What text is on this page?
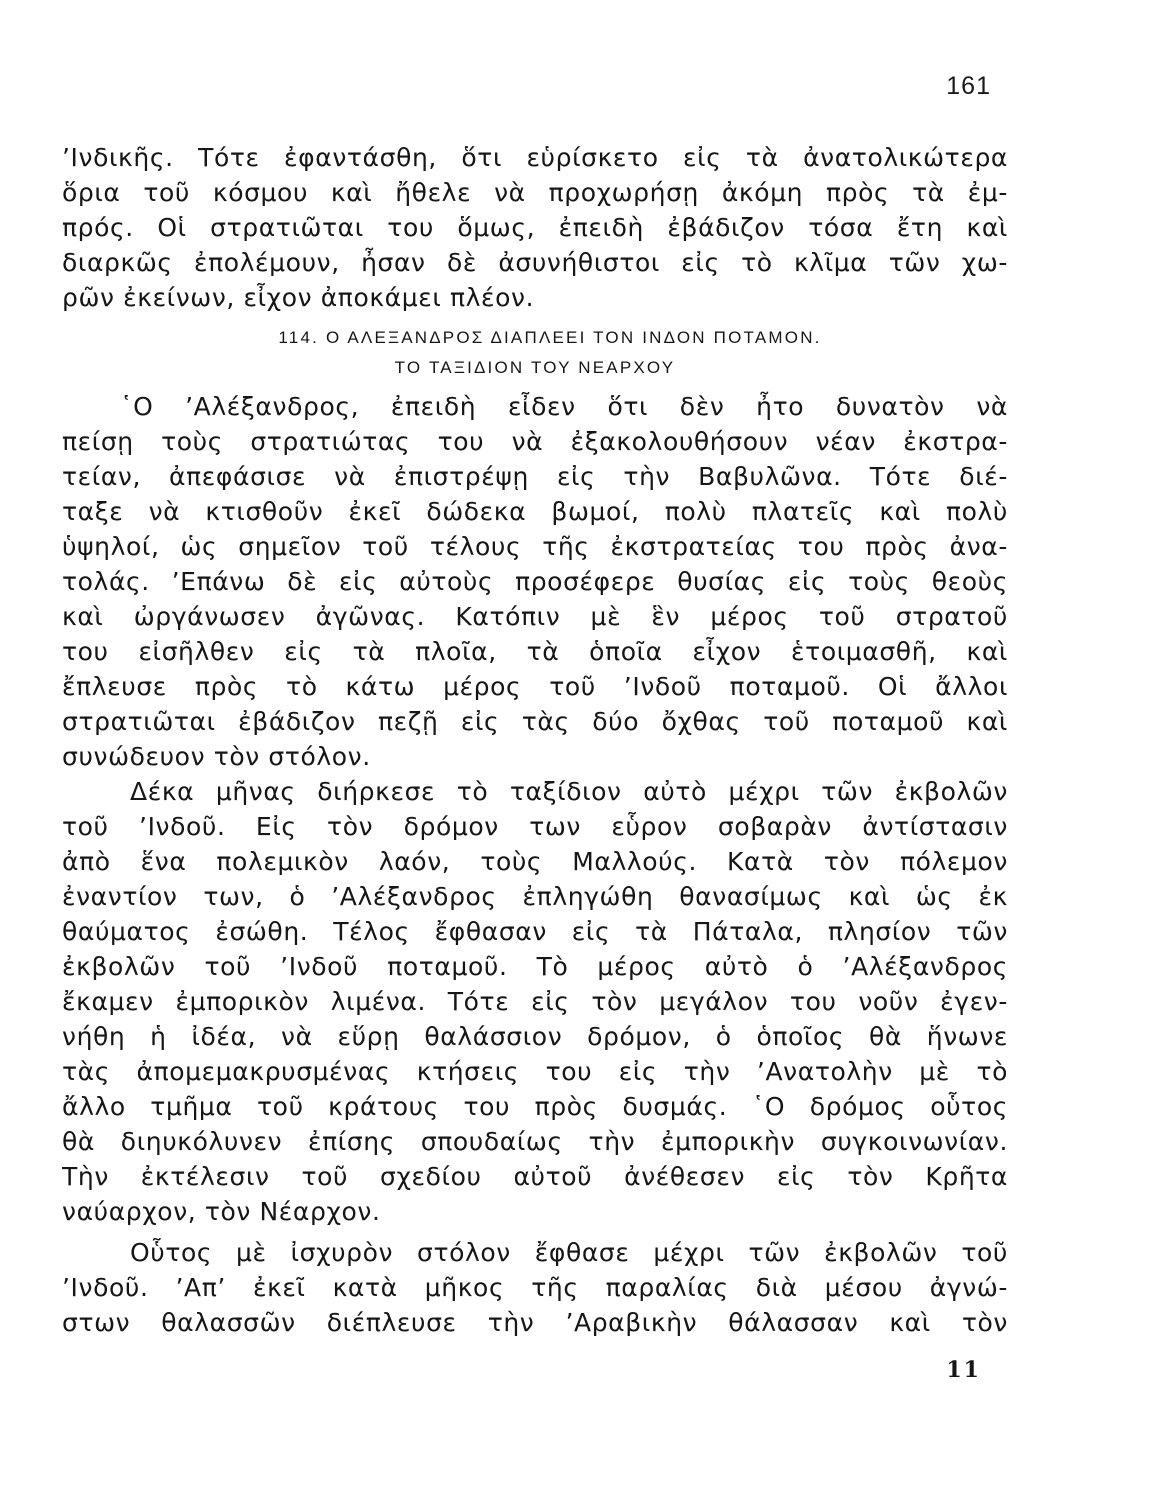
161
’Ινδικῆς. Τότε ἐφαντάσθη, ὅτι εὑρίσκετο εἰς τὰ ἀνατολικώτερα
ὅρια τοῦ κόσμου καὶ ἤθελε νὰ προχωρήσῃ ἀκόμη πρὸς τὰ ἐμ-
πρός. Οἱ στρατιῶται του ὅμως, ἐπειδὴ ἐβάδιζον τόσα ἔτη καὶ
διαρκῶς ἐπολέμουν, ἦσαν δὲ ἀσυνήθιστοι εἰς τὸ κλῖμα τῶν χω-
ρῶν ἐκείνων, εἶχον ἀποκάμει πλέον.
114. Ο ΑΛΕΞΑΝΔΡΟΣ ΔΙΑΠΛΕΕΙ ΤΟΝ ΙΝΔΟΝ ΠΟΤΑΜΟΝ.
ΤΟ ΤΑΞΙΔΙΟΝ ΤΟΥ ΝΕΑΡΧΟΥ
῾Ο ’Αλέξανδρος, ἐπειδὴ εἶδεν ὅτι δὲν ἦτο δυνατὸν νὰ
πείσῃ τοὺς στρατιώτας του νὰ ἐξακολουθήσουν νέαν ἐκστρα-
τείαν, ἀπεφάσισε νὰ ἐπιστρέψῃ εἰς τὴν Βαβυλῶνα. Τότε διέ-
ταξε νὰ κτισθοῦν ἐκεῖ δώδεκα βωμοί, πολὺ πλατεῖς καὶ πολὺ
ὑψηλοί, ὡς σημεῖον τοῦ τέλους τῆς ἐκστρατείας του πρὸς ἀνα-
τολάς. ’Επάνω δὲ εἰς αὐτοὺς προσέφερε θυσίας εἰς τοὺς θεοὺς
καὶ ὠργάνωσεν ἀγῶνας. Κατόπιν μὲ ἓν μέρος τοῦ στρατοῦ
του εἰσῆλθεν εἰς τὰ πλοῖα, τὰ ὁποῖα εἶχον ἑτοιμασθῆ, καὶ
ἔπλευσε πρὸς τὸ κάτω μέρος τοῦ ’Ινδοῦ ποταμοῦ. Οἱ ἄλλοι
στρατιῶται ἐβάδιζον πεζῇ εἰς τὰς δύο ὄχθας τοῦ ποταμοῦ καὶ
συνώδευον τὸν στόλον.
Δέκα μῆνας διήρκεσε τὸ ταξίδιον αὐτὸ μέχρι τῶν ἐκβολῶν
τοῦ ’Ινδοῦ. Εἰς τὸν δρόμον των εὗρον σοβαρὰν ἀντίστασιν
ἀπὸ ἕνα πολεμικὸν λαόν, τοὺς Μαλλούς. Κατὰ τὸν πόλεμον
ἐναντίον των, ὁ ’Αλέξανδρος ἐπληγώθη θανασίμως καὶ ὡς ἐκ
θαύματος ἐσώθη. Τέλος ἔφθασαν εἰς τὰ Πάταλα, πλησίον τῶν
ἐκβολῶν τοῦ ’Ινδοῦ ποταμοῦ. Τὸ μέρος αὐτὸ ὁ ’Αλέξανδρος
ἔκαμεν ἐμπορικὸν λιμένα. Τότε εἰς τὸν μεγάλον του νοῦν ἐγεν-
νήθη ἡ ἰδέα, νὰ εὕρῃ θαλάσσιον δρόμον, ὁ ὁποῖος θὰ ἥνωνε
τὰς ἀπομεμακρυσμένας κτήσεις του εἰς τὴν ’Ανατολὴν μὲ τὸ
ἄλλο τμῆμα τοῦ κράτους του πρὸς δυσμάς. ῾Ο δρόμος οὗτος
θὰ διηυκόλυνεν ἐπίσης σπουδαίως τὴν ἐμπορικὴν συγκοινωνίαν.
Τὴν ἐκτέλεσιν τοῦ σχεδίου αὐτοῦ ἀνέθεσεν εἰς τὸν Κρῆτα
ναύαρχον, τὸν Νέαρχον.
Οὗτος μὲ ἰσχυρὸν στόλον ἔφθασε μέχρι τῶν ἐκβολῶν τοῦ
’Ινδοῦ. ’Απ’ ἐκεῖ κατὰ μῆκος τῆς παραλίας διὰ μέσου ἀγνώ-
στων θαλασσῶν διέπλευσε τὴν ’Αραβικὴν θάλασσαν καὶ τὸν
11
